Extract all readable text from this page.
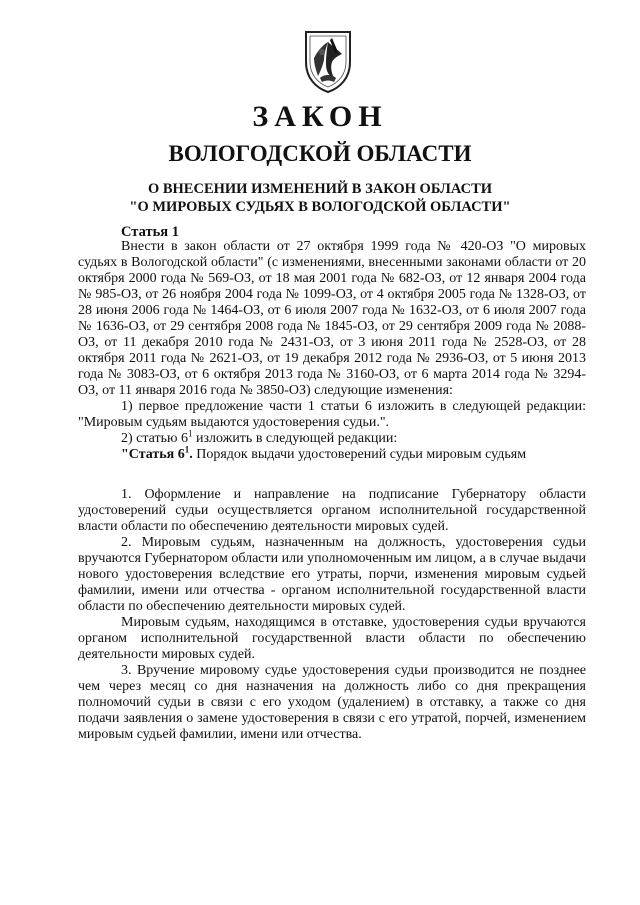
ЗАКОН
ВОЛОГОДСКОЙ ОБЛАСТИ
О ВНЕСЕНИИ ИЗМЕНЕНИЙ В ЗАКОН ОБЛАСТИ
"О МИРОВЫХ СУДЬЯХ В ВОЛОГОДСКОЙ ОБЛАСТИ"
Статья 1

Внести в закон области от 27 октября 1999 года № 420-ОЗ "О мировых судьях в Вологодской области" (с изменениями, внесенными законами области от 20 октября 2000 года № 569-ОЗ, от 18 мая 2001 года № 682-ОЗ, от 12 января 2004 года № 985-ОЗ, от 26 ноября 2004 года № 1099-ОЗ, от 4 октября 2005 года № 1328-ОЗ, от 28 июня 2006 года № 1464-ОЗ, от 6 июля 2007 года № 1632-ОЗ, от 6 июля 2007 года № 1636-ОЗ, от 29 сентября 2008 года № 1845-ОЗ, от 29 сентября 2009 года № 2088-ОЗ, от 11 декабря 2010 года № 2431-ОЗ, от 3 июня 2011 года № 2528-ОЗ, от 28 октября 2011 года № 2621-ОЗ, от 19 декабря 2012 года № 2936-ОЗ, от 5 июня 2013 года № 3083-ОЗ, от 6 октября 2013 года № 3160-ОЗ, от 6 марта 2014 года № 3294-ОЗ, от 11 января 2016 года № 3850-ОЗ) следующие изменения:

1) первое предложение части 1 статьи 6 изложить в следующей редакции: "Мировым судьям выдаются удостоверения судьи.".

2) статью $6^1$ изложить в следующей редакции:

"Статья $6^1$. Порядок выдачи удостоверений судьи мировым судьям

1. Оформление и направление на подписание Губернатору области удостоверений судьи осуществляется органом исполнительной государственной власти области по обеспечению деятельности мировых судей.

2. Мировым судьям, назначенным на должность, удостоверения судьи вручаются Губернатором области или уполномоченным им лицом, а в случае выдачи нового удостоверения вследствие его утраты, порчи, изменения мировым судьей фамилии, имени или отчества - органом исполнительной государственной власти области по обеспечению деятельности мировых судей.

Мировым судьям, находящимся в отставке, удостоверения судьи вручаются органом исполнительной государственной власти области по обеспечению деятельности мировых судей.

3. Вручение мировому судье удостоверения судьи производится не позднее чем через месяц со дня назначения на должность либо со дня прекращения полномочий судьи в связи с его уходом (удалением) в отставку, а также со дня подачи заявления о замене удостоверения в связи с его утратой, порчей, изменением мировым судьей фамилии, имени или отчества.
